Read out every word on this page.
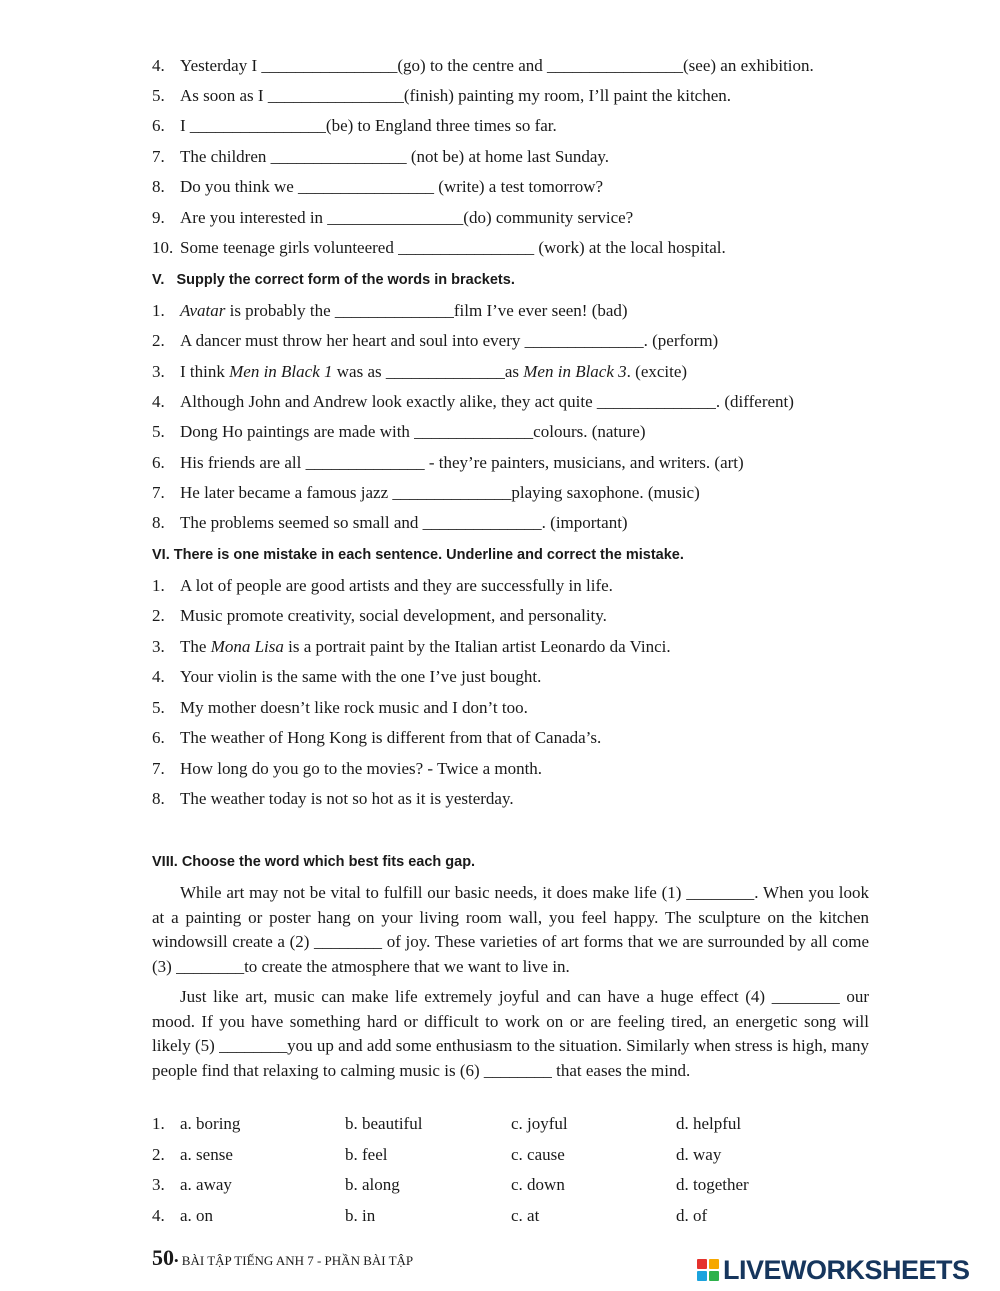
4. Yesterday I ________________(go) to the centre and ________________(see) an exhibition.
5. As soon as I ________________(finish) painting my room, I’ll paint the kitchen.
6. I ________________(be) to England three times so far.
7. The children ________________ (not be) at home last Sunday.
8. Do you think we ________________ (write) a test tomorrow?
9. Are you interested in ________________(do) community service?
10. Some teenage girls volunteered ________________ (work) at the local hospital.
V.   Supply the correct form of the words in brackets.
1. Avatar is probably the ______________film I’ve ever seen! (bad)
2. A dancer must throw her heart and soul into every ______________. (perform)
3. I think Men in Black 1 was as ______________as Men in Black 3. (excite)
4. Although John and Andrew look exactly alike, they act quite ______________. (different)
5. Dong Ho paintings are made with ______________colours. (nature)
6. His friends are all ______________ - they’re painters, musicians, and writers. (art)
7. He later became a famous jazz ______________playing saxophone. (music)
8. The problems seemed so small and ______________. (important)
VI. There is one mistake in each sentence. Underline and correct the mistake.
1. A lot of people are good artists and they are successfully in life.
2. Music promote creativity, social development, and personality.
3. The Mona Lisa is a portrait paint by the Italian artist Leonardo da Vinci.
4. Your violin is the same with the one I’ve just bought.
5. My mother doesn’t like rock music and I don’t too.
6. The weather of Hong Kong is different from that of Canada’s.
7. How long do you go to the movies? - Twice a month.
8. The weather today is not so hot as it is yesterday.
VIII. Choose the word which best fits each gap.

While art may not be vital to fulfill our basic needs, it does make life (1) ________. When you look at a painting or poster hang on your living room wall, you feel happy. The sculpture on the kitchen windowsill create a (2) ________ of joy. These varieties of art forms that we are surrounded by all come (3) ________to create the atmosphere that we want to live in.

Just like art, music can make life extremely joyful and can have a huge effect (4) ________ our mood. If you have something hard or difficult to work on or are feeling tired, an energetic song will likely (5) ________you up and add some enthusiasm to the situation. Similarly when stress is high, many people find that relaxing to calming music is (6) ________ that eases the mind.

1. a. boring	b. beautiful	c. joyful	d. helpful
2. a. sense	b. feel	c. cause	d. way
3. a. away	b. along	c. down	d. together
4. a. on	b. in	c. at	d. of
50• BÀI TẬP TIẾNG ANH 7 - PHẦN BÀI TẬP	LIVEWORKSHEETS
